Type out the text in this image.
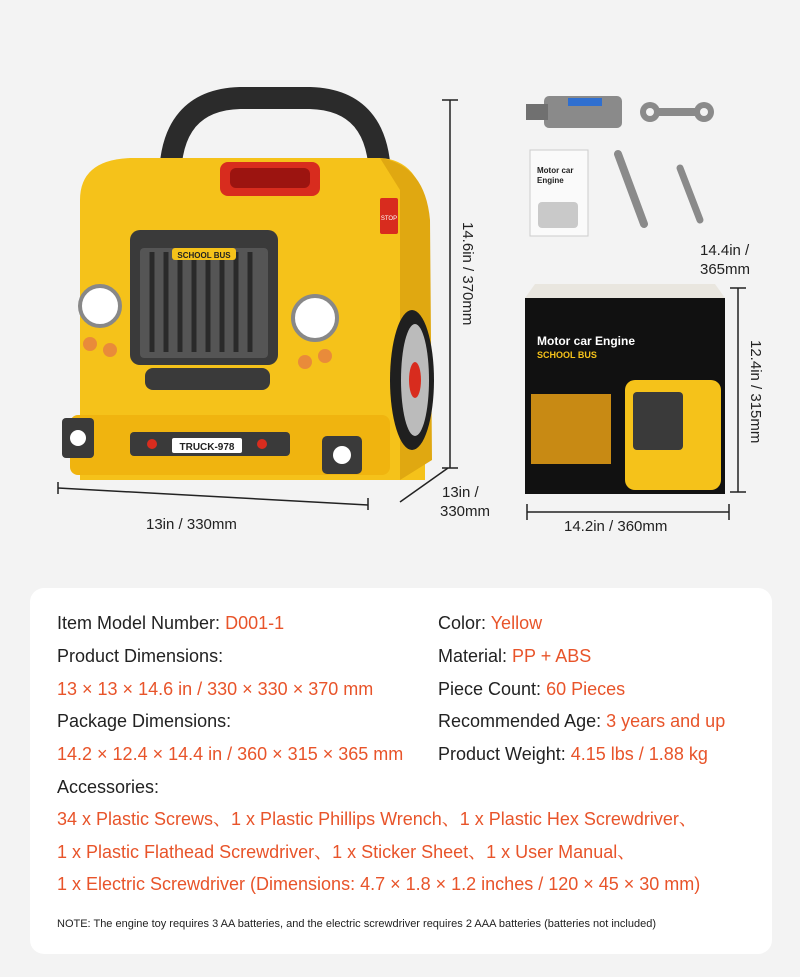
SCHOOL BUS
TRUCK-978
STOP
13in / 330mm
14.6in / 370mm
13in /
330mm
Motor car
Engine
14.4in /
365mm
Motor car Engine
SCHOOL BUS	12.4in / 315mm
14.2in / 360mm
Item Model Number: D001-1	Color: Yellow
Product Dimensions:	Material: PP + ABS
13 × 13 × 14.6 in / 330 × 330 × 370 mm	Piece Count: 60 Pieces
Package Dimensions:	Recommended Age: 3 years and up
14.2 × 12.4 × 14.4 in / 360 × 315 × 365 mm Product Weight: 4.15 lbs / 1.88 kg
Accessories:
34 x Plastic Screws、1 x Plastic Phillips Wrench、1 x Plastic Hex Screwdriver、
1 x Plastic Flathead Screwdriver、1 x Sticker Sheet、1 x User Manual、
1 x Electric Screwdriver (Dimensions: 4.7 × 1.8 × 1.2 inches / 120 × 45 × 30 mm)
NOTE: The engine toy requires 3 AA batteries, and the electric screwdriver requires 2 AAA batteries (batteries not included)
